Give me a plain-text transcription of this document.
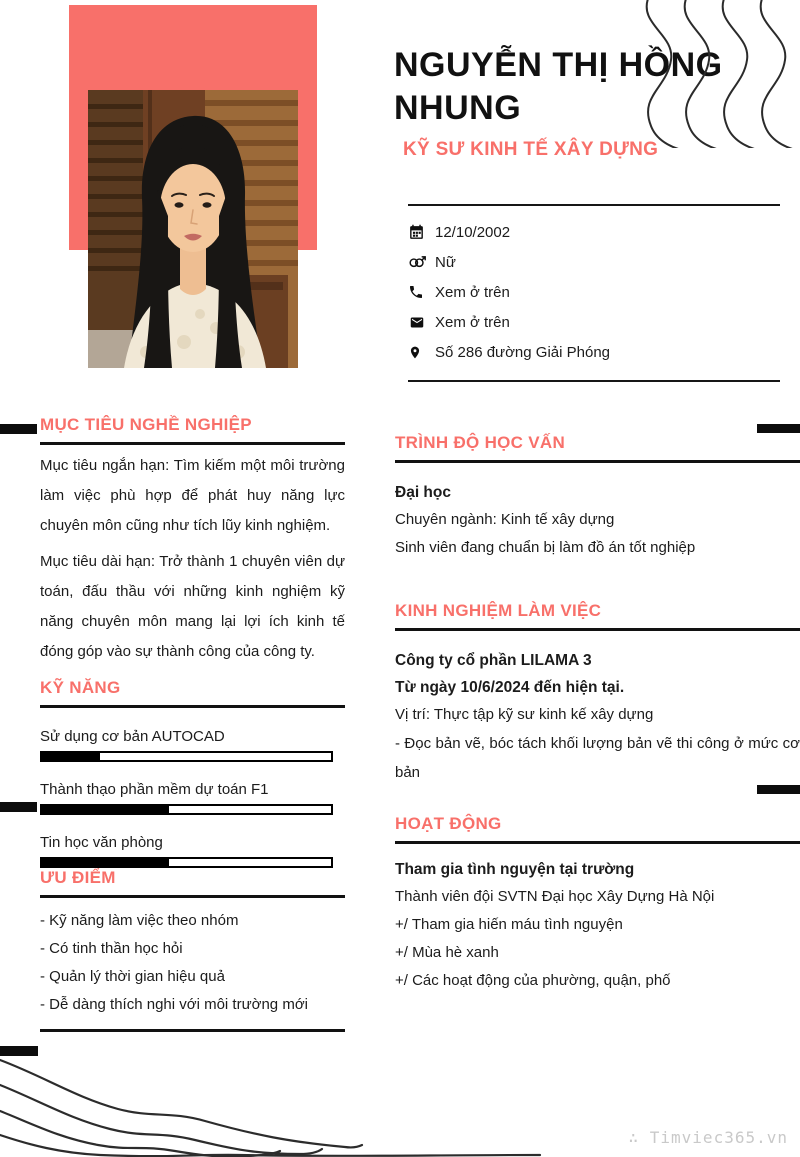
NGUYỄN THỊ HỒNG NHUNG
KỸ SƯ KINH TẾ XÂY DỰNG
12/10/2002
Nữ
Xem ở trên
Xem ở trên
Số 286 đường Giải Phóng
MỤC TIÊU NGHỀ NGHIỆP

Mục tiêu ngắn hạn: Tìm kiếm một môi trường làm việc phù hợp để phát huy năng lực chuyên môn cũng như tích lũy kinh nghiệm.

Mục tiêu dài hạn: Trở thành 1 chuyên viên dự toán, đấu thầu với những kinh nghiệm kỹ năng chuyên môn mang lại lợi ích kinh tế đóng góp vào sự thành công của công ty.

KỸ NĂNG
Sử dụng cơ bản AUTOCAD
Thành thạo phần mềm dự toán F1
Tin học văn phòng
ƯU ĐIỂM
- Kỹ năng làm việc theo nhóm
- Có tinh thần học hỏi
- Quản lý thời gian hiệu quả
- Dễ dàng thích nghi với môi trường mới
TRÌNH ĐỘ HỌC VẤN
Đại học
Chuyên ngành: Kinh tế xây dựng
Sinh viên đang chuẩn bị làm đồ án tốt nghiệp
KINH NGHIỆM LÀM VIỆC
Công ty cổ phần LILAMA 3
Từ ngày 10/6/2024 đến hiện tại.
Vị trí: Thực tập kỹ sư kinh kế xây dựng
- Đọc bản vẽ, bóc tách khối lượng bản vẽ thi công ở mức cơ bản
HOẠT ĐỘNG
Tham gia tình nguyện tại trường
Thành viên đội SVTN Đại học Xây Dựng Hà Nội
+/ Tham gia hiến máu tình nguyện
+/ Mùa hè xanh
+/ Các hoạt động của phường, quận, phố
∴ Timviec365.vn
